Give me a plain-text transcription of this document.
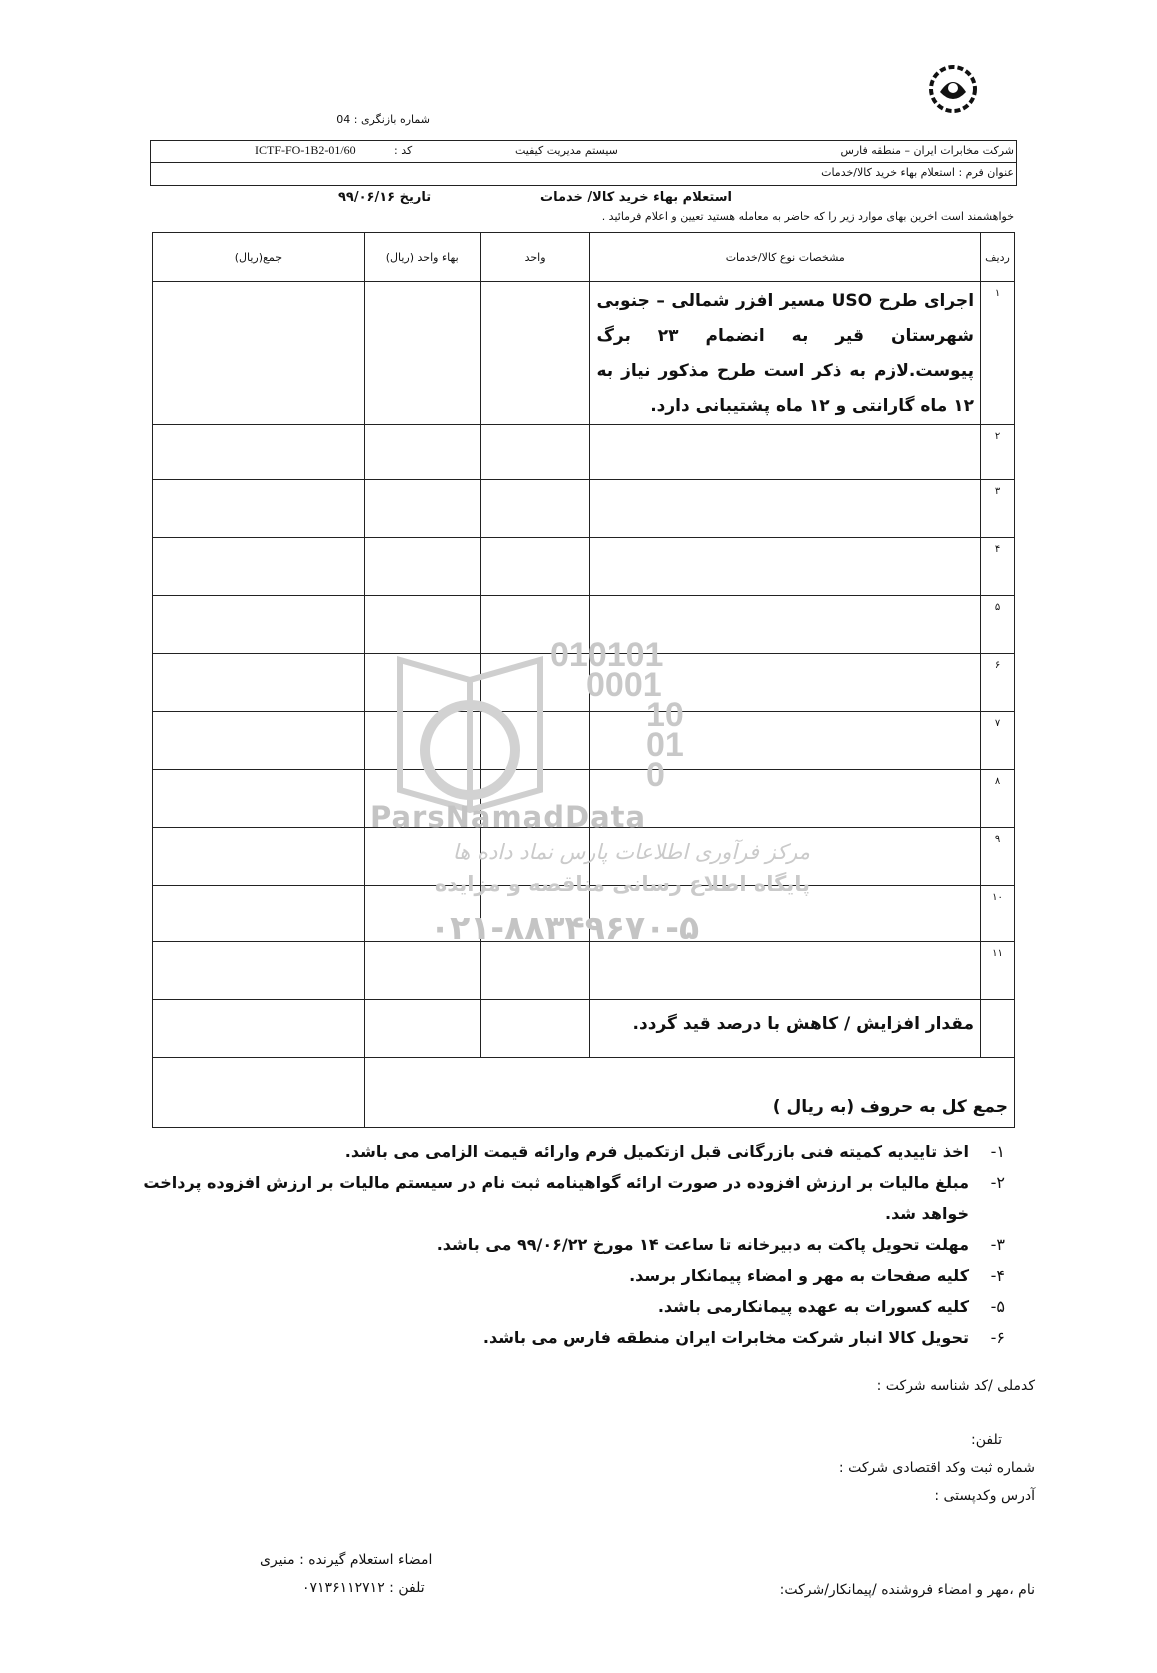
شماره بازنگری : 04
شرکت مخابرات ایران – منطقه فارس
سیستم مدیریت کیفیت
کد :
ICTF-FO-1B2-01/60
عنوان فرم : استعلام بهاء خرید کالا/خدمات
استعلام بهاء خرید کالا/ خدمات
تاریخ ۹۹/۰۶/۱۶
خواهشمند است اخرین بهای موارد زیر را که حاضر به معامله هستید تعیین و اعلام فرمائید .
ردیف	مشخصات نوع کالا/خدمات	واحد	بهاء واحد (ریال)	جمع(ریال)
۱	اجرای طرح USO مسیر افزر شمالی – جنوبی شهرستان قیر به انضمام ۲۳ برگ پیوست.لازم به ذکر است طرح مذکور نیاز به ۱۲ ماه گارانتی و ۱۲ ماه پشتیبانی دارد.			
۲				
۳				
۴				
۵				
۶				
۷				
۸				
۹				
۱۰				
۱۱				
	مقدار افزایش / کاهش با درصد قید گردد.			
جمع کل به حروف (به ریال )				
010101
0001
10
01
0
ParsNamadData
مرکز فرآوری اطلاعات پارس نماد داده ها
پایگاه اطلاع رسانی مناقصه و مزایده
۰۲۱-۸۸۳۴۹۶۷۰-۵
۱-
اخذ تاییدیه کمیته فنی بازرگانی قبل ازتکمیل فرم وارائه قیمت الزامی می باشد.
۲-
مبلغ مالیات بر ارزش افزوده در صورت ارائه گواهینامه ثبت نام در سیستم مالیات بر ارزش افزوده پرداخت خواهد شد.
۳-
مهلت تحویل پاکت به دبیرخانه تا ساعت ۱۴ مورخ ۹۹/۰۶/۲۲ می باشد.
۴-
کلیه صفحات به مهر و امضاء پیمانکار برسد.
۵-
کلیه کسورات به عهده پیمانکارمی باشد.
۶-
تحویل کالا انبار شرکت مخابرات ایران منطقه فارس می باشد.
کدملی /کد شناسه شرکت :
تلفن:
شماره ثبت وکد اقتصادی شرکت :
آدرس وکدپستی :
امضاء استعلام گیرنده : منیری
تلفن : ۰۷۱۳۶۱۱۲۷۱۲	نام ،مهر و امضاء فروشنده /پیمانکار/شرکت:
